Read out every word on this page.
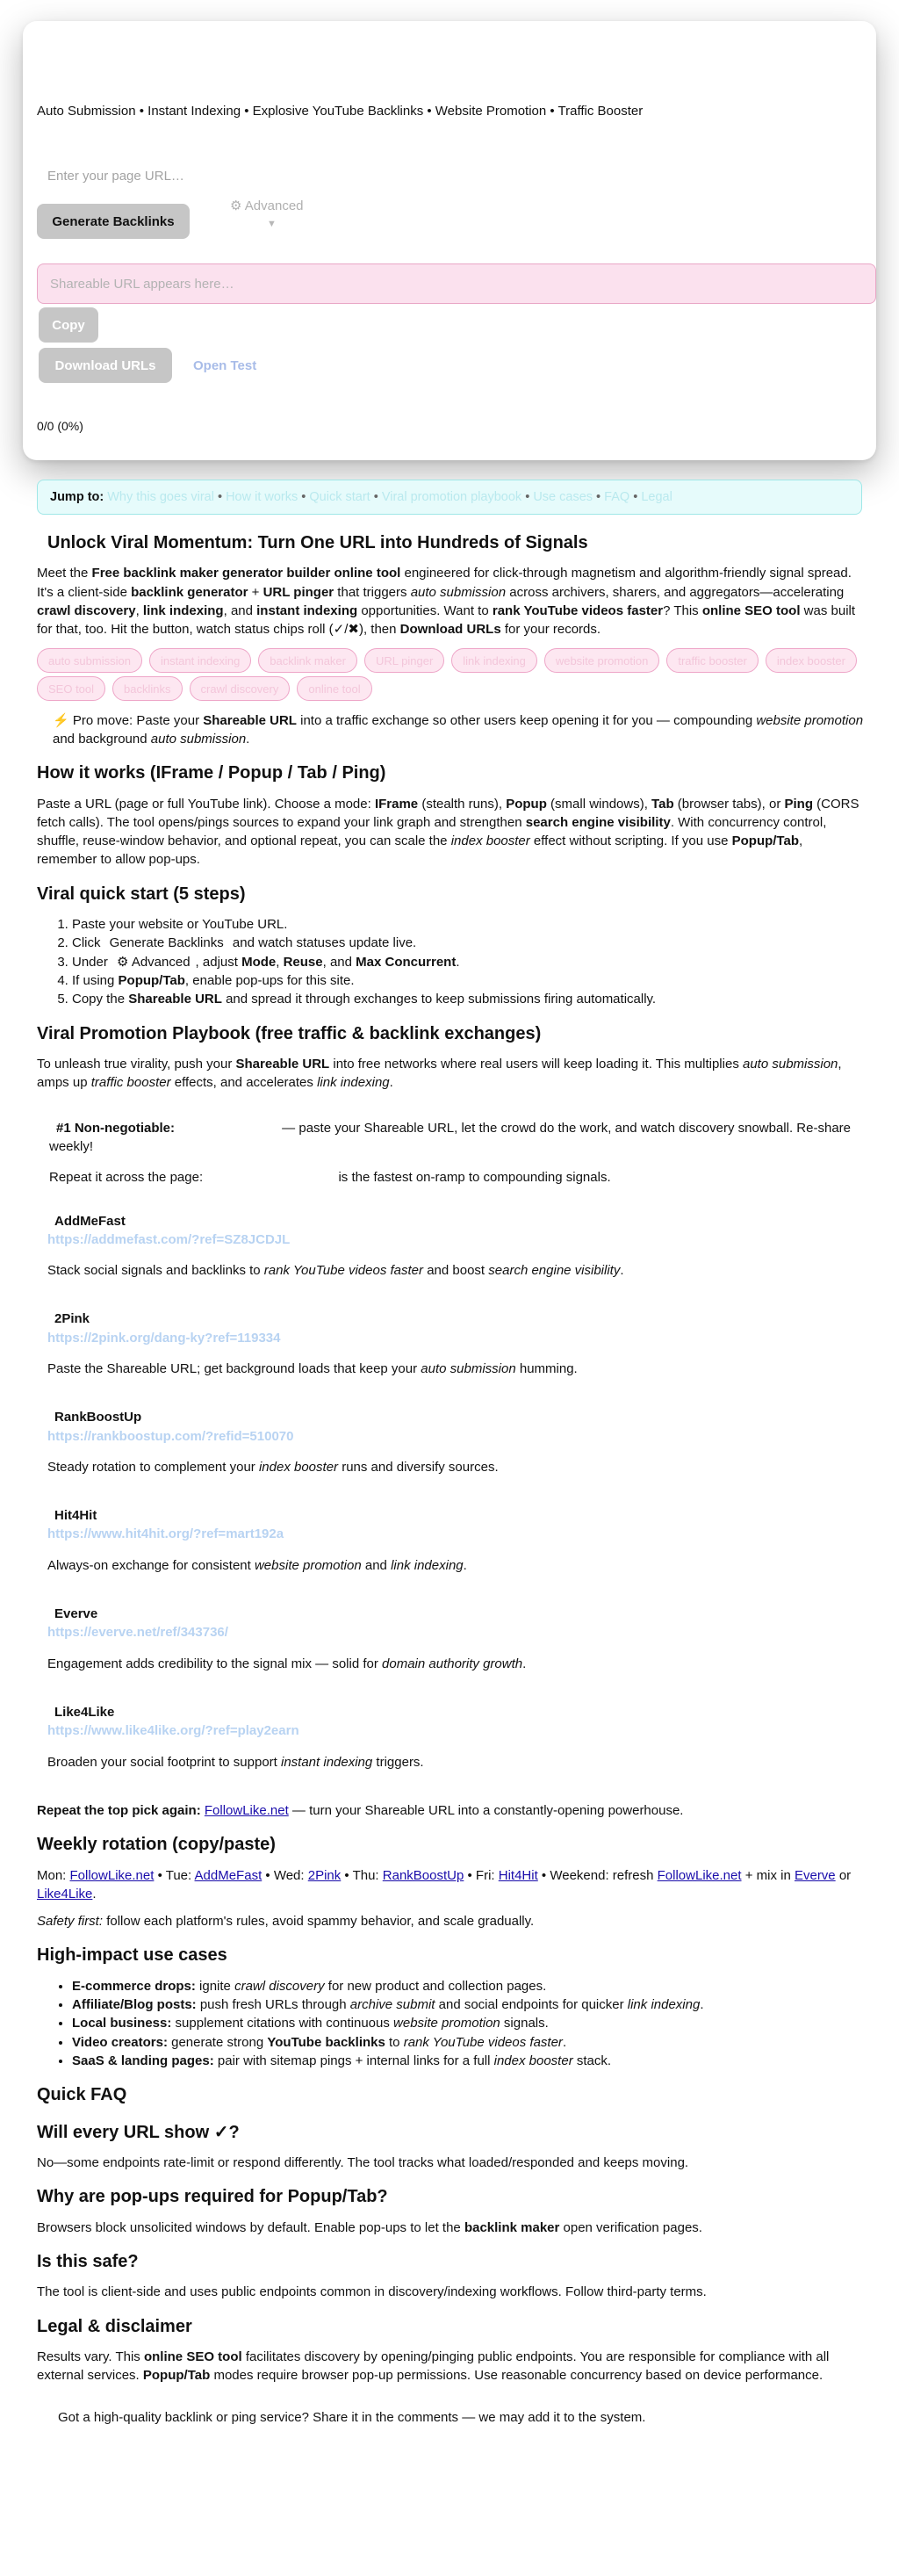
Auto Submission • Instant Indexing • Explosive YouTube Backlinks • Website Promotion • Traffic Booster
Enter your page URL…
Generate Backlinks
⚙ Advanced
▼
Shareable URL appears here…
Copy
Download URLs	Open Test
0/0 (0%)
Jump to: Why this goes viral • How it works • Quick start • Viral promotion playbook • Use cases • FAQ • Legal
Unlock Viral Momentum: Turn One URL into Hundreds of Signals

Meet the Free backlink maker generator builder online tool engineered for click-through magnetism and algorithm-friendly signal spread. It's a client-side backlink generator + URL pinger that triggers auto submission across archivers, sharers, and aggregators—accelerating crawl discovery, link indexing, and instant indexing opportunities. Want to rank YouTube videos faster? This online SEO tool was built for that, too. Hit the button, watch status chips roll (✓/✖), then Download URLs for your records.

auto submission	instant indexing	backlink maker	URL pinger	link indexing	website promotion	traffic booster	index booster
SEO tool	backlinks	crawl discovery	online tool

⚡ Pro move: Paste your Shareable URL into a traffic exchange so other users keep opening it for you — compounding website promotion and background auto submission.

How it works (IFrame / Popup / Tab / Ping)

Paste a URL (page or full YouTube link). Choose a mode: IFrame (stealth runs), Popup (small windows), Tab (browser tabs), or Ping (CORS fetch calls). The tool opens/pings sources to expand your link graph and strengthen search engine visibility. With concurrency control, shuffle, reuse-window behavior, and optional repeat, you can scale the index booster effect without scripting. If you use Popup/Tab, remember to allow pop-ups.

Viral quick start (5 steps)
1. Paste your website or YouTube URL.
2. Click Generate Backlinks and watch statuses update live.
3. Under ⚙ Advanced , adjust Mode, Reuse, and Max Concurrent.
4. If using Popup/Tab, enable pop-ups for this site.
5. Copy the Shareable URL and spread it through exchanges to keep submissions firing automatically.
Viral Promotion Playbook (free traffic & backlink exchanges)

To unleash true virality, push your Shareable URL into free networks where real users will keep loading it. This multiplies auto submission, amps up traffic booster effects, and accelerates link indexing.

#1 Non-negotiable:	— paste your Shareable URL, let the crowd do the work, and watch discovery snowball. Re-share weekly!

Repeat it across the page:	is the fastest on-ramp to compounding signals.

AddMeFast
https://addmefast.com/?ref=SZ8JCDJL

Stack social signals and backlinks to rank YouTube videos faster and boost search engine visibility.

2Pink
https://2pink.org/dang-ky?ref=119334

Paste the Shareable URL; get background loads that keep your auto submission humming.

RankBoostUp
https://rankboostup.com/?refid=510070

Steady rotation to complement your index booster runs and diversify sources.

Hit4Hit
https://www.hit4hit.org/?ref=mart192a

Always-on exchange for consistent website promotion and link indexing.

Everve
https://everve.net/ref/343736/

Engagement adds credibility to the signal mix — solid for domain authority growth.

Like4Like
https://www.like4like.org/?ref=play2earn

Broaden your social footprint to support instant indexing triggers.

Repeat the top pick again: FollowLike.net — turn your Shareable URL into a constantly-opening powerhouse.

Weekly rotation (copy/paste)

Mon: FollowLike.net • Tue: AddMeFast • Wed: 2Pink • Thu: RankBoostUp • Fri: Hit4Hit • Weekend: refresh FollowLike.net + mix in Everve or Like4Like.

Safety first: follow each platform's rules, avoid spammy behavior, and scale gradually.

High-impact use cases
• E-commerce drops: ignite crawl discovery for new product and collection pages.
• Affiliate/Blog posts: push fresh URLs through archive submit and social endpoints for quicker link indexing.
• Local business: supplement citations with continuous website promotion signals.
• Video creators: generate strong YouTube backlinks to rank YouTube videos faster.
• SaaS & landing pages: pair with sitemap pings + internal links for a full index booster stack.
Quick FAQ
Will every URL show ✓?

No—some endpoints rate-limit or respond differently. The tool tracks what loaded/responded and keeps moving.

Why are pop-ups required for Popup/Tab?

Browsers block unsolicited windows by default. Enable pop-ups to let the backlink maker open verification pages.

Is this safe?

The tool is client-side and uses public endpoints common in discovery/indexing workflows. Follow third-party terms.

Legal & disclaimer

Results vary. This online SEO tool facilitates discovery by opening/pinging public endpoints. You are responsible for compliance with all external services. Popup/Tab modes require browser pop-up permissions. Use reasonable concurrency based on device performance.

Got a high-quality backlink or ping service? Share it in the comments — we may add it to the system.
